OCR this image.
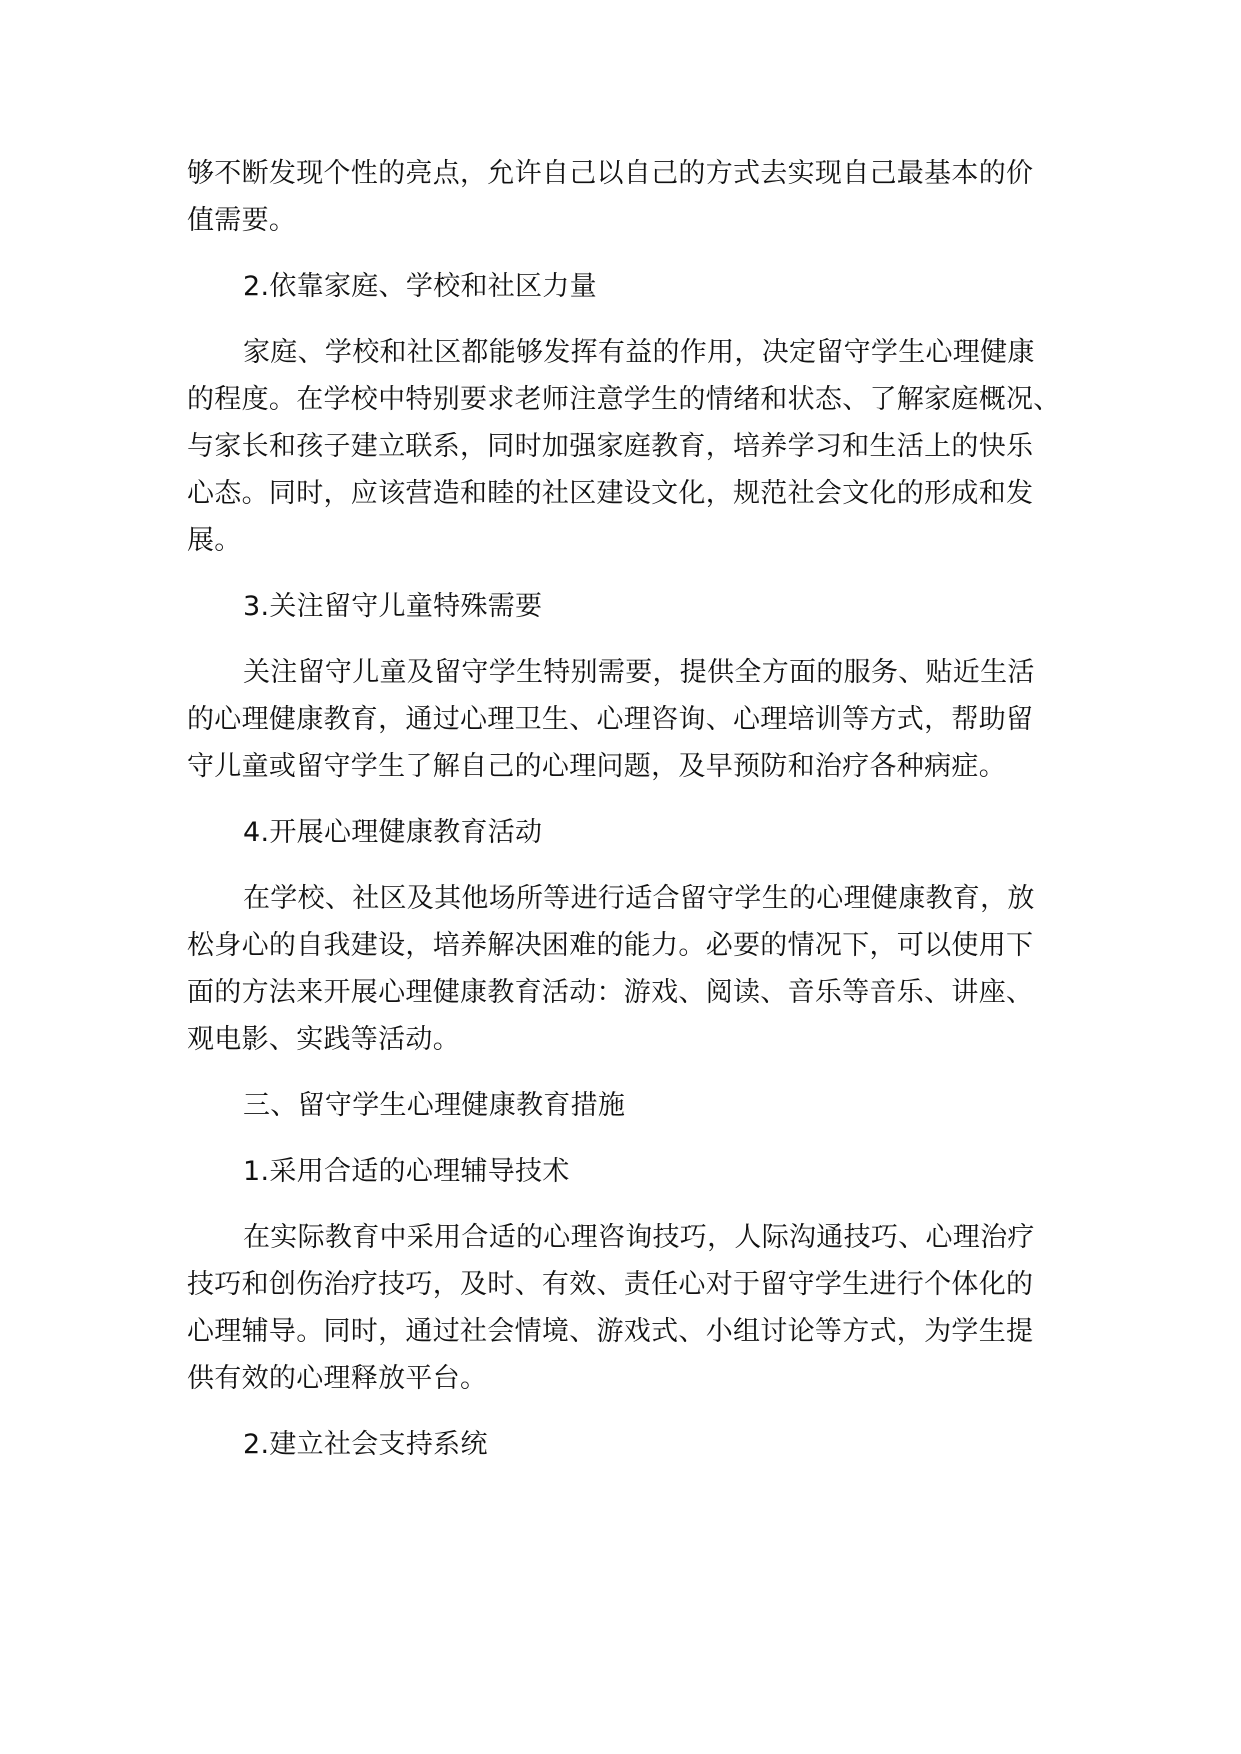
够不断发现个性的亮点，允许自己以自己的方式去实现自己最基本的价
值需要。
2.依靠家庭、学校和社区力量
家庭、学校和社区都能够发挥有益的作用，决定留守学生心理健康
的程度。在学校中特别要求老师注意学生的情绪和状态、了解家庭概况、
与家长和孩子建立联系，同时加强家庭教育，培养学习和生活上的快乐
心态。同时，应该营造和睦的社区建设文化，规范社会文化的形成和发
展。
3.关注留守儿童特殊需要
关注留守儿童及留守学生特别需要，提供全方面的服务、贴近生活
的心理健康教育，通过心理卫生、心理咨询、心理培训等方式，帮助留
守儿童或留守学生了解自己的心理问题，及早预防和治疗各种病症。
4.开展心理健康教育活动
在学校、社区及其他场所等进行适合留守学生的心理健康教育，放
松身心的自我建设，培养解决困难的能力。必要的情况下，可以使用下
面的方法来开展心理健康教育活动：游戏、阅读、音乐等音乐、讲座、
观电影、实践等活动。
三、留守学生心理健康教育措施
1.采用合适的心理辅导技术
在实际教育中采用合适的心理咨询技巧，人际沟通技巧、心理治疗
技巧和创伤治疗技巧，及时、有效、责任心对于留守学生进行个体化的
心理辅导。同时，通过社会情境、游戏式、小组讨论等方式，为学生提
供有效的心理释放平台。
2.建立社会支持系统
